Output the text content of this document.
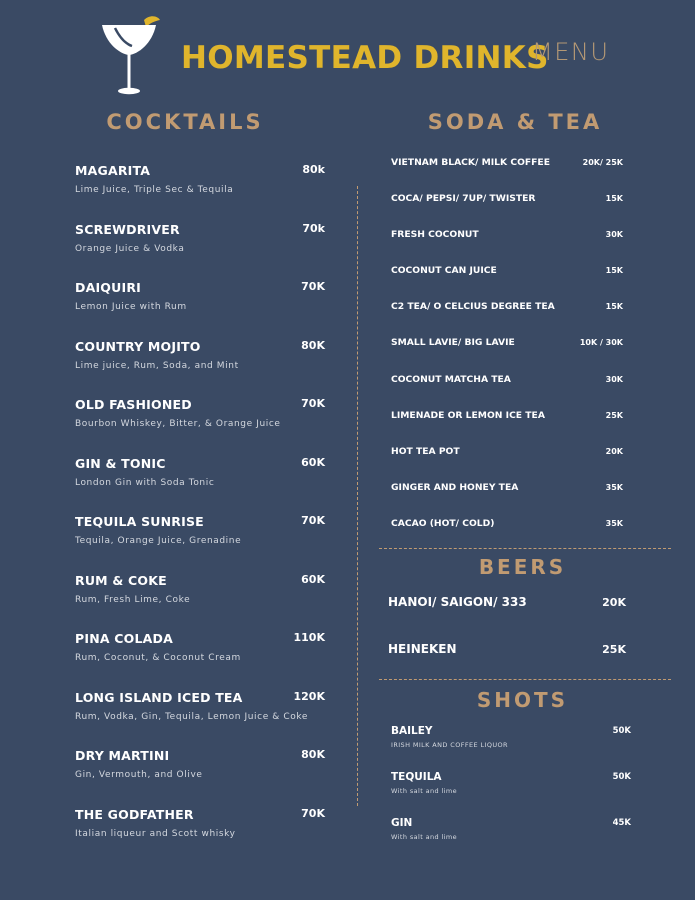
HOMESTEAD DRINKS
MENU
COCKTAILS	SODA & TEA
BEERS
SHOTS
MAGARITA	80k
Lime Juice, Triple Sec & Tequila
SCREWDRIVER	70k
Orange Juice & Vodka
DAIQUIRI	70K
Lemon Juice with Rum
COUNTRY MOJITO	80K
Lime juice, Rum, Soda, and Mint
OLD FASHIONED	70K
Bourbon Whiskey, Bitter, & Orange Juice
GIN & TONIC	60K
London Gin with Soda Tonic
TEQUILA SUNRISE	70K
Tequila, Orange Juice, Grenadine
RUM & COKE	60K
Rum, Fresh Lime, Coke
PINA COLADA	110K
Rum, Coconut, & Coconut Cream
LONG ISLAND ICED TEA	120K
Rum, Vodka, Gin, Tequila, Lemon Juice & Coke
DRY MARTINI	80K
Gin, Vermouth, and Olive
THE GODFATHER	70K
Italian liqueur and Scott whisky
VIETNAM BLACK/ MILK COFFEE	20K/ 25K
COCA/ PEPSI/ 7UP/ TWISTER	15K
FRESH COCONUT	30K
COCONUT CAN JUICE	15K
C2 TEA/ O CELCIUS DEGREE TEA	15K
SMALL LAVIE/ BIG LAVIE	10K / 30K
COCONUT MATCHA TEA	30K
LIMENADE OR LEMON ICE TEA	25K
HOT TEA POT	20K
GINGER AND HONEY TEA	35K
CACAO (HOT/ COLD)	35K
HANOI/ SAIGON/ 333	20K
HEINEKEN	25K
BAILEY	50K
IRISH MILK AND COFFEE LIQUOR
TEQUILA	50K
With salt and lime
GIN	45K
With salt and lime
